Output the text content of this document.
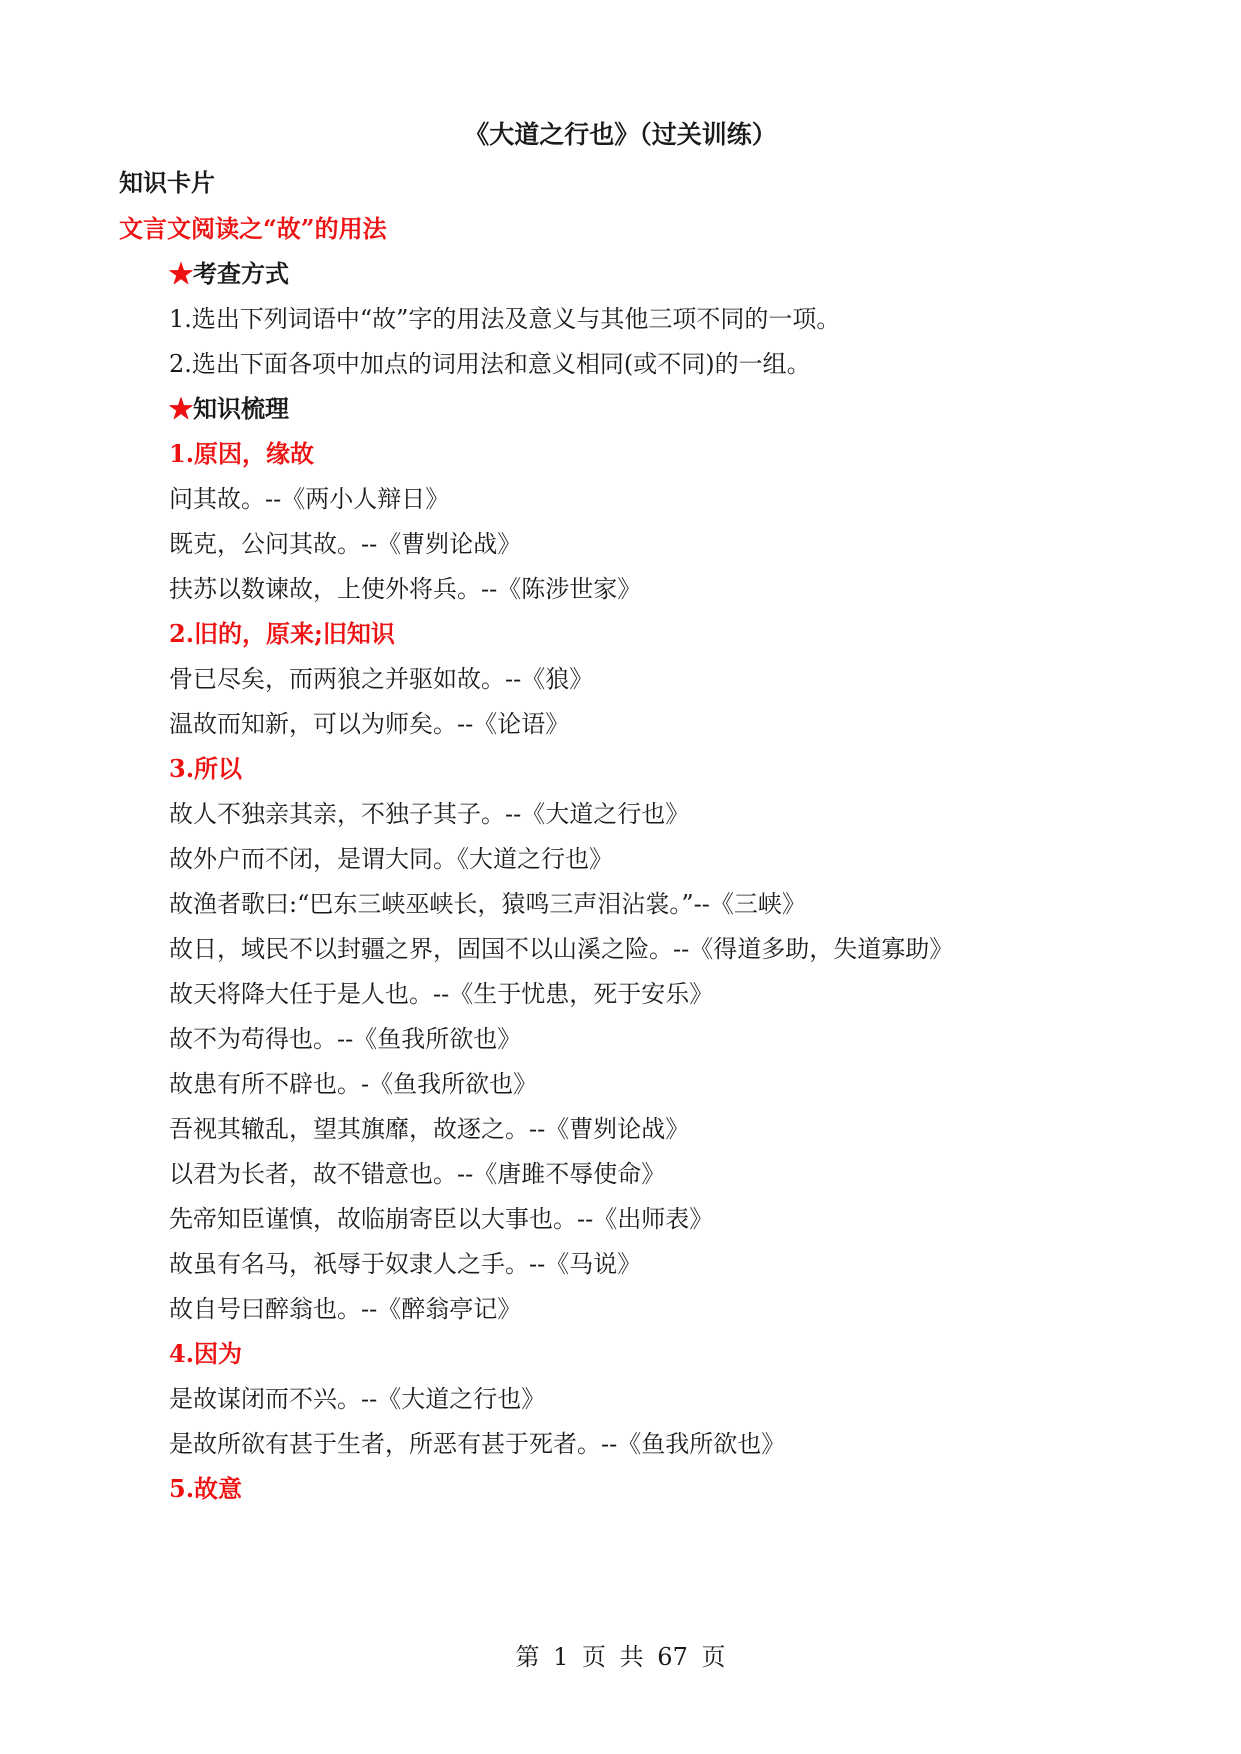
《大道之行也》（过关训练）
知识卡片
文言文阅读之“故”的用法
★考查方式
1.选出下列词语中“故”字的用法及意义与其他三项不同的一项。
2.选出下面各项中加点的词用法和意义相同(或不同)的一组。
★知识梳理
1.原因，缘故
问其故。--《两小人辩日》
既克，公问其故。--《曹刿论战》
扶苏以数谏故，上使外将兵。--《陈涉世家》
2.旧的，原来;旧知识
骨已尽矣，而两狼之并驱如故。--《狼》
温故而知新，可以为师矣。--《论语》
3.所以
故人不独亲其亲，不独子其子。--《大道之行也》
故外户而不闭，是谓大同。《大道之行也》
故渔者歌曰:“巴东三峡巫峡长，猿鸣三声泪沾裳。”--《三峡》
故日，域民不以封疆之界，固国不以山溪之险。--《得道多助，失道寡助》
故天将降大任于是人也。--《生于忧患，死于安乐》
故不为苟得也。--《鱼我所欲也》
故患有所不辟也。-《鱼我所欲也》
吾视其辙乱，望其旗靡，故逐之。--《曹刿论战》
以君为长者，故不错意也。--《唐雎不辱使命》
先帝知臣谨慎，故临崩寄臣以大事也。--《出师表》
故虽有名马，祇辱于奴隶人之手。--《马说》
故自号曰醉翁也。--《醉翁亭记》
4.因为
是故谋闭而不兴。--《大道之行也》
是故所欲有甚于生者，所恶有甚于死者。--《鱼我所欲也》
5.故意
第 1 页 共 67 页
